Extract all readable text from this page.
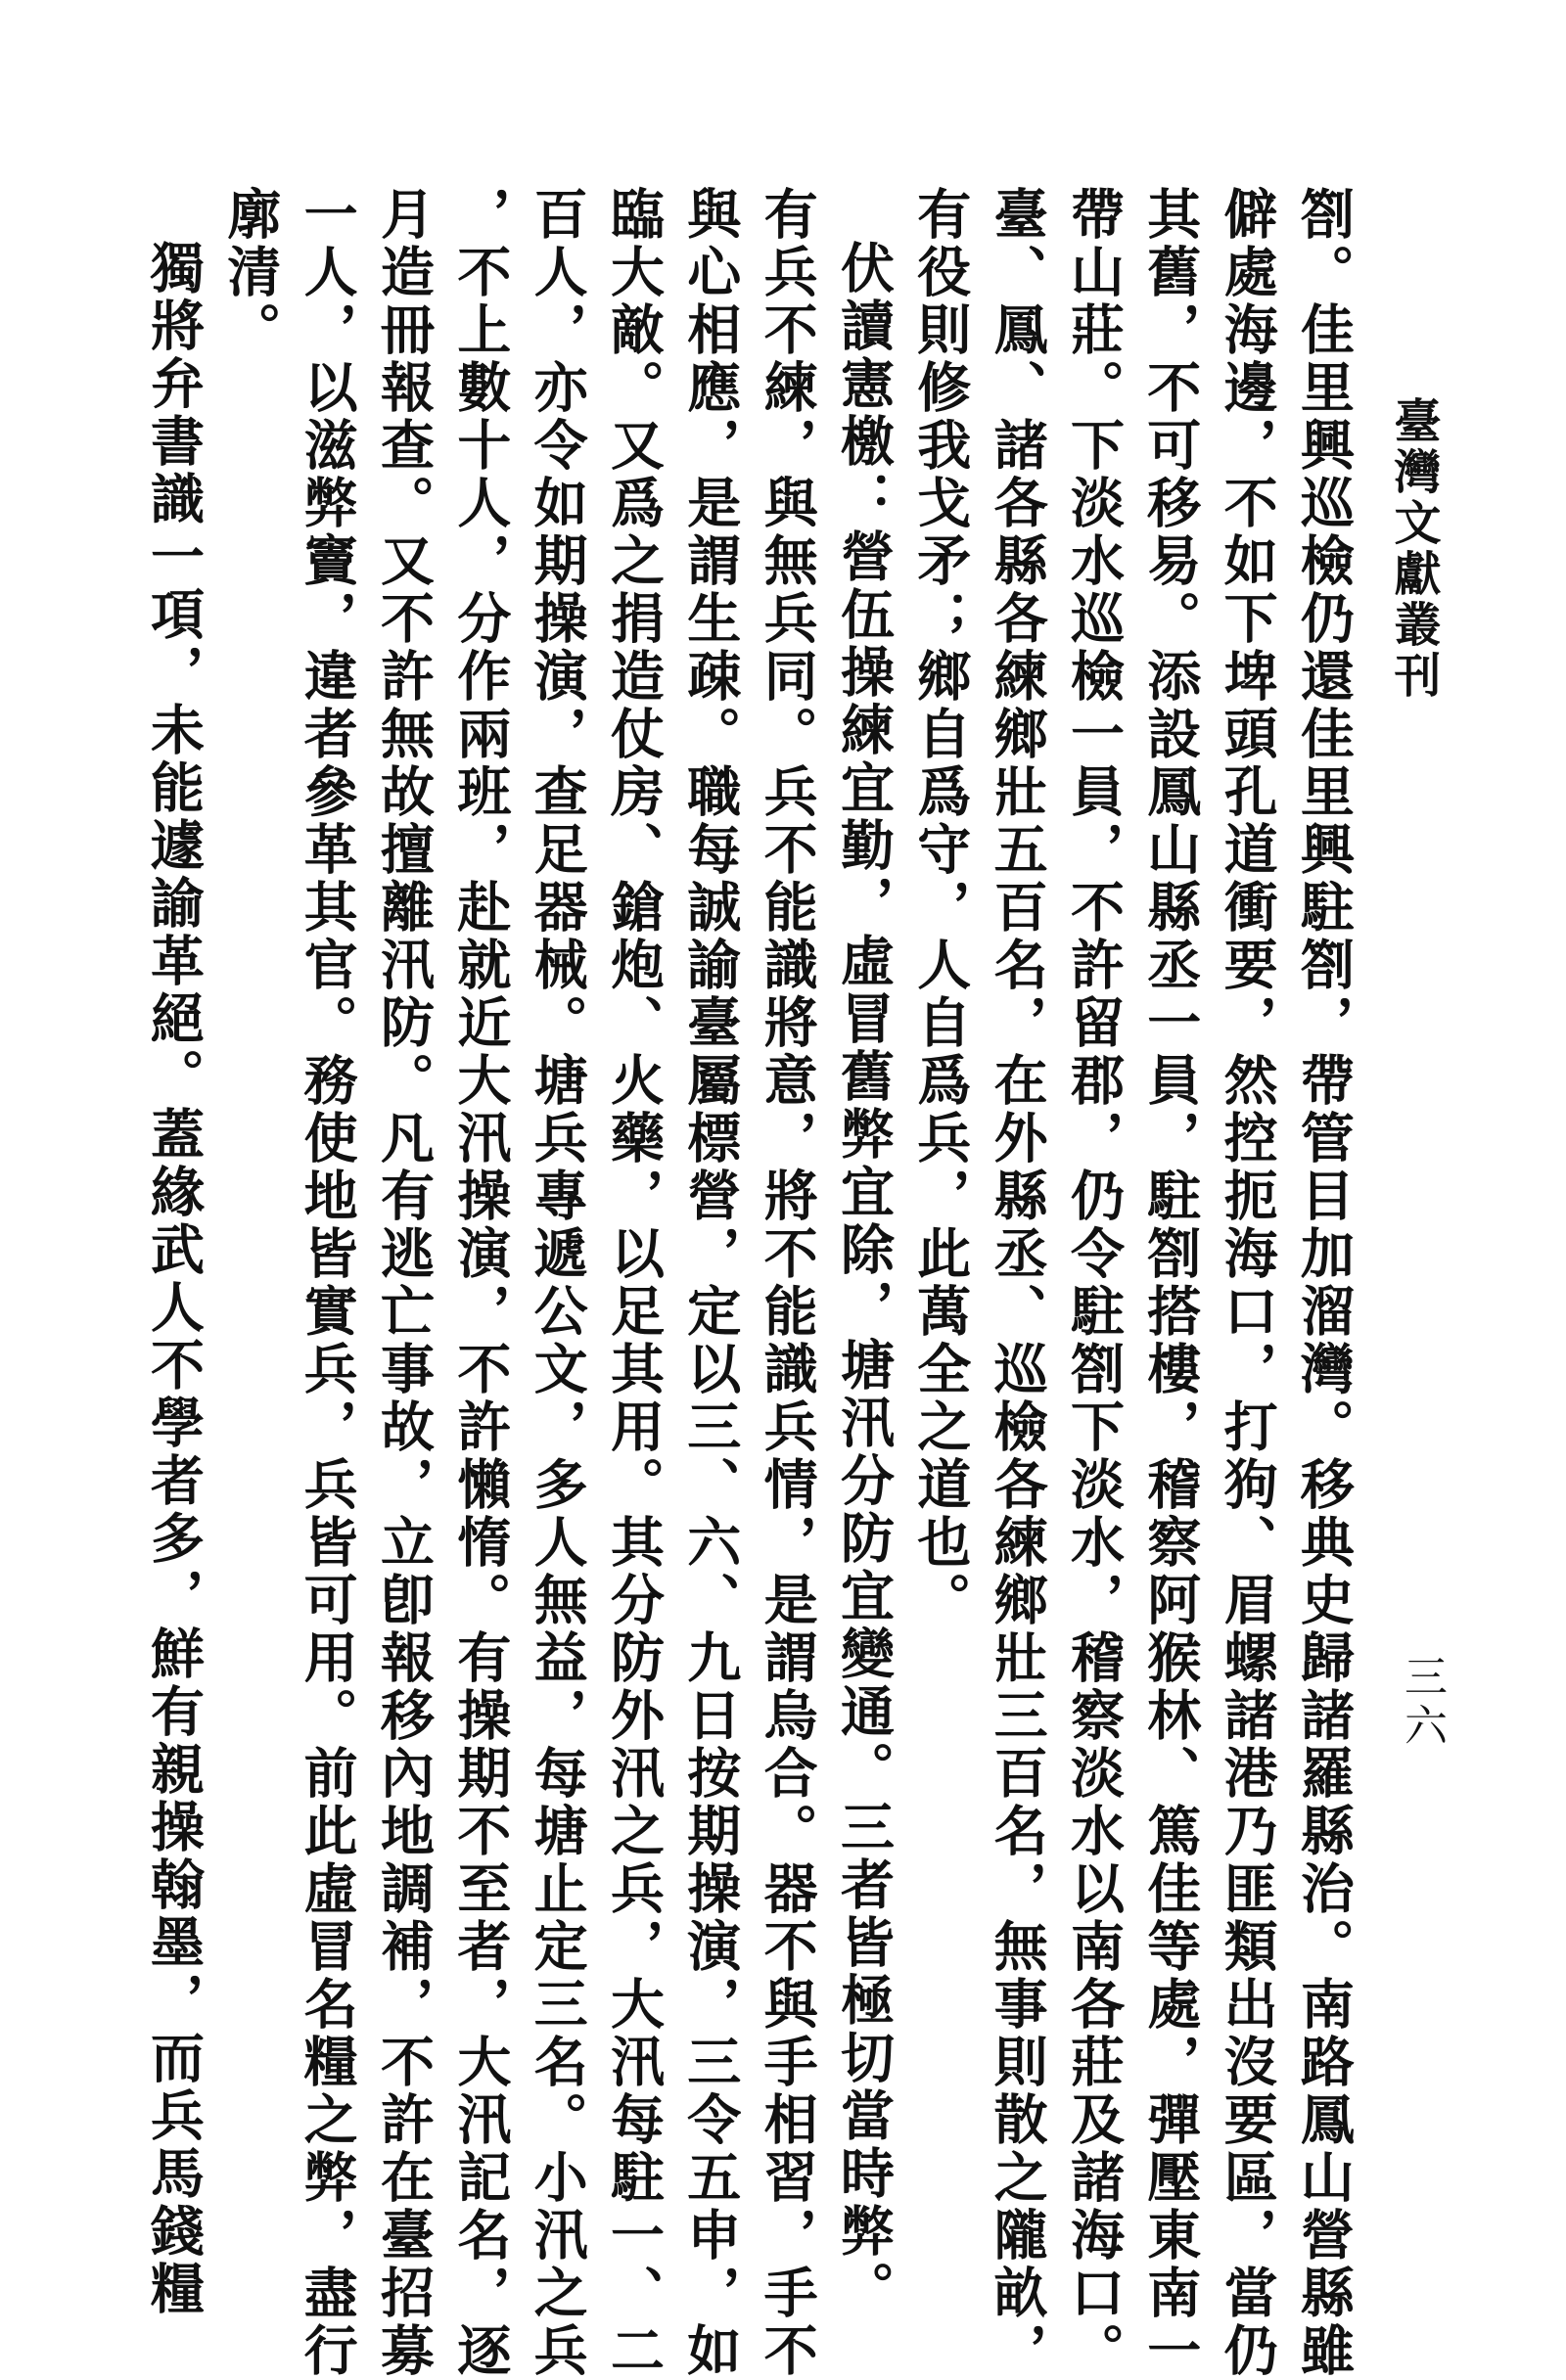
臺灣文獻叢刊
三六

劄。佳里興巡檢仍還佳里興駐劄，帶管目加溜灣。移典史歸諸羅縣治。南路鳳山營縣雖

僻處海邊，不如下埤頭孔道衝要，然控扼海口，打狗、眉螺諸港乃匪類出沒要區，當仍

其舊，不可移易。添設鳳山縣丞一員，駐劄搭樓，稽察阿猴林、篤佳等處，彈壓東南一

帶山莊。下淡水巡檢一員，不許留郡，仍令駐劄下淡水，稽察淡水以南各莊及諸海口。

臺、鳳、諸各縣各練鄉壯五百名，在外縣丞、巡檢各練鄉壯三百名，無事則散之隴畝，

有役則修我戈矛；鄉自爲守，人自爲兵，此萬全之道也。

伏讀憲檄：營伍操練宜勤，虛冒舊弊宜除，塘汛分防宜變通。三者皆極切當時弊。

有兵不練，與無兵同。兵不能識將意，將不能識兵情，是謂烏合。器不與手相習，手不

與心相應，是謂生疎。職每誠諭臺屬標營，定以三、六、九日按期操演，三令五申，如

臨大敵。又爲之捐造仗房、鎗炮、火藥，以足其用。其分防外汛之兵，大汛每駐一、二

百人，亦令如期操演，查足器械。塘兵專遞公文，多人無益，每塘止定三名。小汛之兵

，不上數十人，分作兩班，赴就近大汛操演，不許懶惰。有操期不至者，大汛記名，逐

月造冊報查。又不許無故擅離汛防。凡有逃亡事故，立卽報移內地調補，不許在臺招募

一人，以滋弊竇，違者參革其官。務使地皆實兵，兵皆可用。前此虛冒名糧之弊，盡行

廓清。

獨將弁書識一項，未能遽諭革絕。蓋緣武人不學者多，鮮有親操翰墨，而兵馬錢糧
